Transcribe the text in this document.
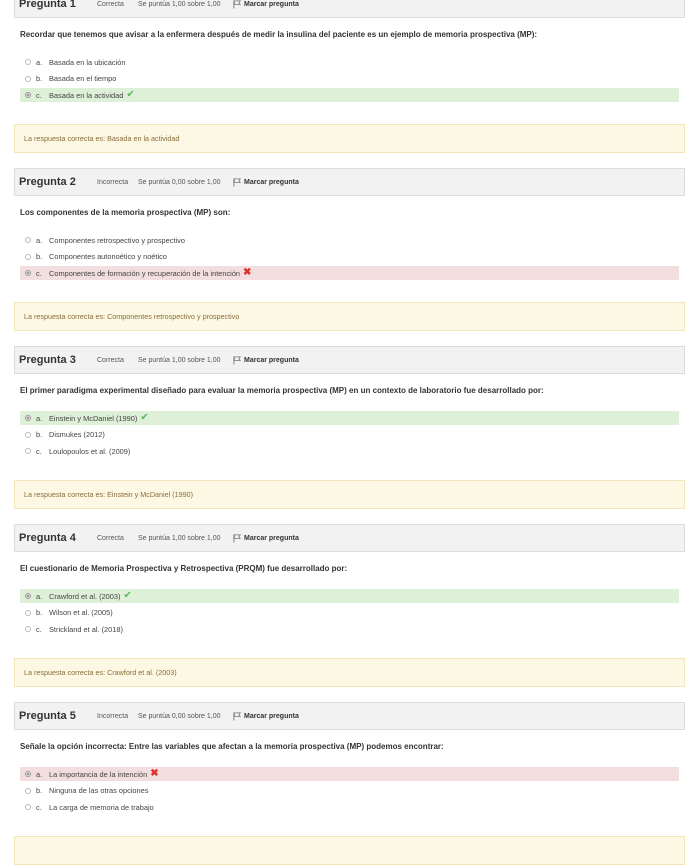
Pregunta 1	Correcta Se puntúa 1,00 sobre 1,00	Marcar pregunta
Recordar que tenemos que avisar a la enfermera después de medir la insulina del paciente es un ejemplo de memoria prospectiva (MP):
a. Basada en la ubicación
b. Basada en el tiempo
c. Basada en la actividad ✔
La respuesta correcta es: Basada en la actividad
Pregunta 2	Incorrecta Se puntúa 0,00 sobre 1,00	Marcar pregunta
Los componentes de la memoria prospectiva (MP) son:
a. Componentes retrospectivo y prospectivo
b. Componentes autonoético y noético
c. Componentes de formación y recuperación de la intención ✖
La respuesta correcta es: Componentes retrospectivo y prospectivo
Pregunta 3	Correcta Se puntúa 1,00 sobre 1,00	Marcar pregunta
El primer paradigma experimental diseñado para evaluar la memoria prospectiva (MP) en un contexto de laboratorio fue desarrollado por:
a. Einstein y McDaniel (1990) ✔
b. Dismukes (2012)
c. Loulopoulos et al. (2009)
La respuesta correcta es: Einstein y McDaniel (1990)
Pregunta 4	Correcta Se puntúa 1,00 sobre 1,00	Marcar pregunta
El cuestionario de Memoria Prospectiva y Retrospectiva (PRQM) fue desarrollado por:
a. Crawford et al. (2003) ✔
b. Wilson et al. (2005)
c. Strickland et al. (2018)
La respuesta correcta es: Crawford et al. (2003)
Pregunta 5	Incorrecta Se puntúa 0,00 sobre 1,00	Marcar pregunta
Señale la opción incorrecta: Entre las variables que afectan a la memoria prospectiva (MP) podemos encontrar:
a. La importancia de la intención ✖
b. Ninguna de las otras opciones
c. La carga de memoria de trabajo
